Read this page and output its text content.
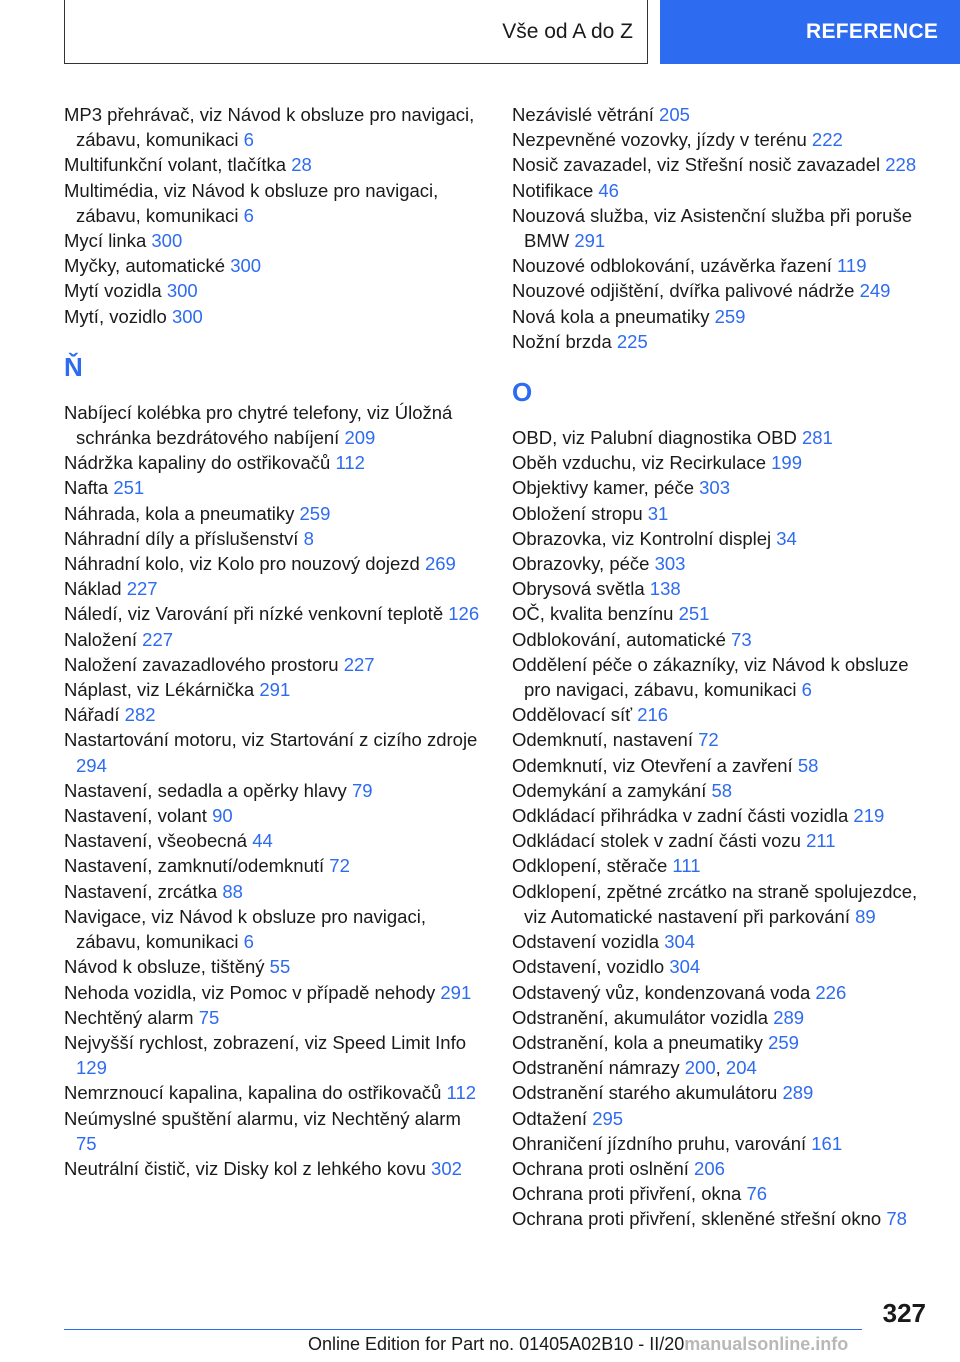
Vše od A do Z	REFERENCE

MP3 přehrávač, viz Návod k obsluze pro navigaci, zábavu, komunikaci 6

Multifunkční volant, tlačítka 28

Multimédia, viz Návod k obsluze pro navigaci, zábavu, komunikaci 6

Mycí linka 300

Myčky, automatické 300

Mytí vozidla 300

Mytí, vozidlo 300

Ň

Nabíjecí kolébka pro chytré telefony, viz Úložná schránka bezdrátového nabíjení 209

Nádržka kapaliny do ostřikovačů 112

Nafta 251

Náhrada, kola a pneumatiky 259

Náhradní díly a příslušenství 8

Náhradní kolo, viz Kolo pro nouzový dojezd 269

Náklad 227

Náledí, viz Varování při nízké venkovní teplotě 126

Naložení 227

Naložení zavazadlového prostoru 227

Náplast, viz Lékárnička 291

Nářadí 282

Nastartování motoru, viz Startování z cizího zdroje 294

Nastavení, sedadla a opěrky hlavy 79

Nastavení, volant 90

Nastavení, všeobecná 44

Nastavení, zamknutí/odemknutí 72

Nastavení, zrcátka 88

Navigace, viz Návod k obsluze pro navigaci, zábavu, komunikaci 6

Návod k obsluze, tištěný 55

Nehoda vozidla, viz Pomoc v případě nehody 291

Nechtěný alarm 75

Nejvyšší rychlost, zobrazení, viz Speed Limit Info 129

Nemrznoucí kapalina, kapalina do ostřikovačů 112

Neúmyslné spuštění alarmu, viz Nechtěný alarm 75

Neutrální čistič, viz Disky kol z lehkého kovu 302

Nezávislé větrání 205

Nezpevněné vozovky, jízdy v terénu 222

Nosič zavazadel, viz Střešní nosič zavazadel 228

Notifikace 46

Nouzová služba, viz Asistenční služba při poruše BMW 291

Nouzové odblokování, uzávěrka řazení 119

Nouzové odjištění, dvířka palivové nádrže 249

Nová kola a pneumatiky 259

Nožní brzda 225

O

OBD, viz Palubní diagnostika OBD 281

Oběh vzduchu, viz Recirkulace 199

Objektivy kamer, péče 303

Obložení stropu 31

Obrazovka, viz Kontrolní displej 34

Obrazovky, péče 303

Obrysová světla 138

OČ, kvalita benzínu 251

Odblokování, automatické 73

Oddělení péče o zákazníky, viz Návod k obsluze pro navigaci, zábavu, komunikaci 6

Oddělovací síť 216

Odemknutí, nastavení 72

Odemknutí, viz Otevření a zavření 58

Odemykání a zamykání 58

Odkládací přihrádka v zadní části vozidla 219

Odkládací stolek v zadní části vozu 211

Odklopení, stěrače 111

Odklopení, zpětné zrcátko na straně spolujezdce, viz Automatické nastavení při parkování 89

Odstavení vozidla 304

Odstavení, vozidlo 304

Odstavený vůz, kondenzovaná voda 226

Odstranění, akumulátor vozidla 289

Odstranění, kola a pneumatiky 259

Odstranění námrazy 200, 204

Odstranění starého akumulátoru 289

Odtažení 295

Ohraničení jízdního pruhu, varování 161

Ochrana proti oslnění 206

Ochrana proti přivření, okna 76

Ochrana proti přivření, skleněné střešní okno 78

327
Online Edition for Part no. 01405A02B10 - II/20manualsonline.info
